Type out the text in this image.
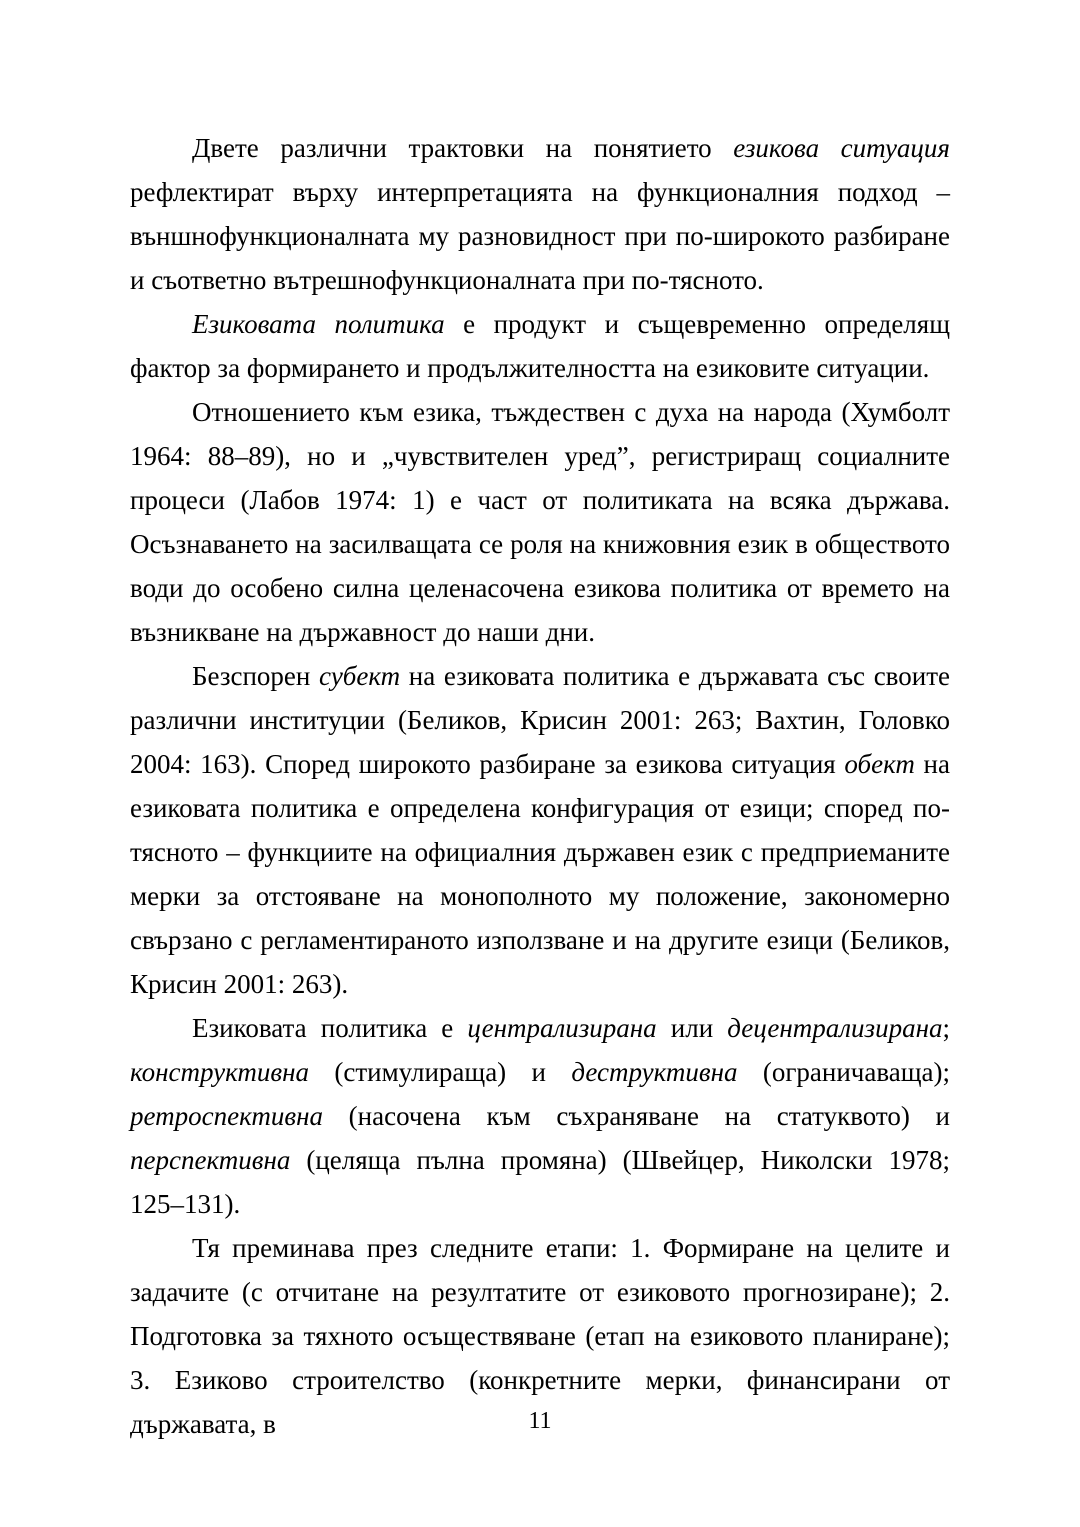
Двете различни трактовки на понятието езикова ситуация рефлектират върху интерпретацията на функционалния подход – външнофункционалната му разновидност при по-широкото разбиране и съответно вътрешнофункционалната при по-тясното.

Езиковата политика е продукт и същевременно определящ фактор за формирането и продължителността на езиковите ситуации.

Отношението към езика, тъждествен с духа на народа (Хумболт 1964: 88–89), но и „чувствителен уред”, регистриращ социалните процеси (Лабов 1974: 1) е част от политиката на всяка държава. Осъзнаването на засилващата се роля на книжовния език в обществото води до особено силна целенасочена езикова политика от времето на възникване на държавност до наши дни.

Безспорен субект на езиковата политика е държавата със своите различни институции (Беликов, Крисин 2001: 263; Вахтин, Головко 2004: 163). Според широкото разбиране за езикова ситуация обект на езиковата политика е определена конфигурация от езици; според по-тясното – функциите на официалния държавен език с предприеманите мерки за отстояване на монополното му положение, закономерно свързано с регламентираното използване и на другите езици (Беликов, Крисин 2001: 263).

Езиковата политика е централизирана или децентрализирана; конструктивна (стимулираща) и деструктивна (ограничаваща); ретроспективна (насочена към съхраняване на статуквото) и перспективна (целяща пълна промяна) (Швейцер, Николски 1978; 125–131).

Тя преминава през следните етапи: 1. Формиране на целите и задачите (с отчитане на резултатите от езиковото прогнозиране); 2. Подготовка за тяхното осъществяване (етап на езиковото планиране); 3. Езиково строителство (конкретните мерки, финансирани от държавата, в	11
